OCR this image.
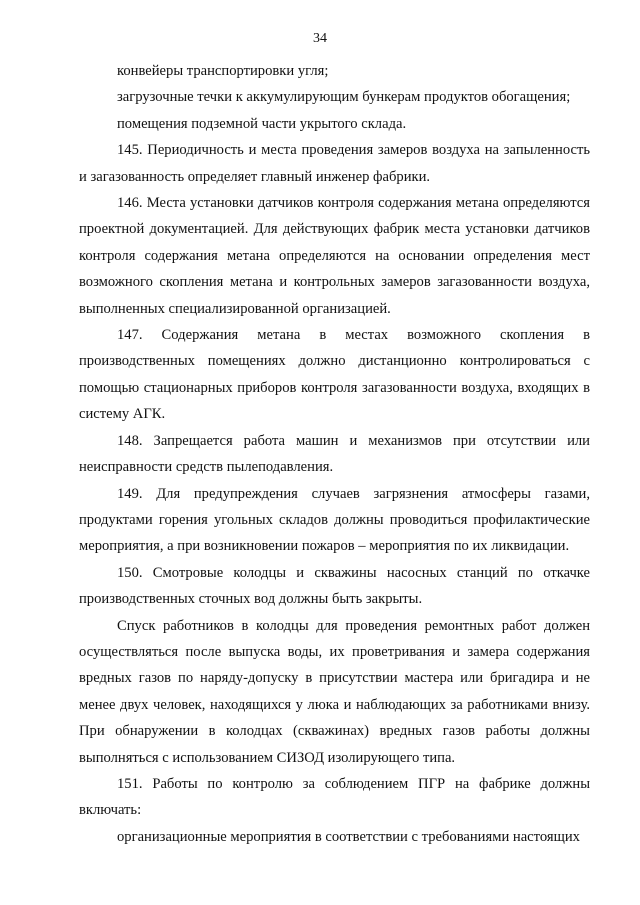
34

конвейеры транспортировки угля;

загрузочные течки к аккумулирующим бункерам продуктов обогащения;

помещения подземной части укрытого склада.

145. Периодичность и места проведения замеров воздуха на запыленность и загазованность определяет главный инженер фабрики.

146. Места установки датчиков контроля содержания метана определяются проектной документацией. Для действующих фабрик места установки датчиков контроля содержания метана определяются на основании определения мест возможного скопления метана и контрольных замеров загазованности воздуха, выполненных специализированной организацией.

147. Содержания метана в местах возможного скопления в производственных помещениях должно дистанционно контролироваться с помощью стационарных приборов контроля загазованности воздуха, входящих в систему АГК.

148. Запрещается работа машин и механизмов при отсутствии или неисправности средств пылеподавления.

149. Для предупреждения случаев загрязнения атмосферы газами, продуктами горения угольных складов должны проводиться профилактические мероприятия, а при возникновении пожаров – мероприятия по их ликвидации.

150. Смотровые колодцы и скважины насосных станций по откачке производственных сточных вод должны быть закрыты.

Спуск работников в колодцы для проведения ремонтных работ должен осуществляться после выпуска воды, их проветривания и замера содержания вредных газов по наряду-допуску в присутствии мастера или бригадира и не менее двух человек, находящихся у люка и наблюдающих за работниками внизу. При обнаружении в колодцах (скважинах) вредных газов работы должны выполняться с использованием СИЗОД изолирующего типа.

151. Работы по контролю за соблюдением ПГР на фабрике должны включать:

организационные мероприятия в соответствии с требованиями настоящих
